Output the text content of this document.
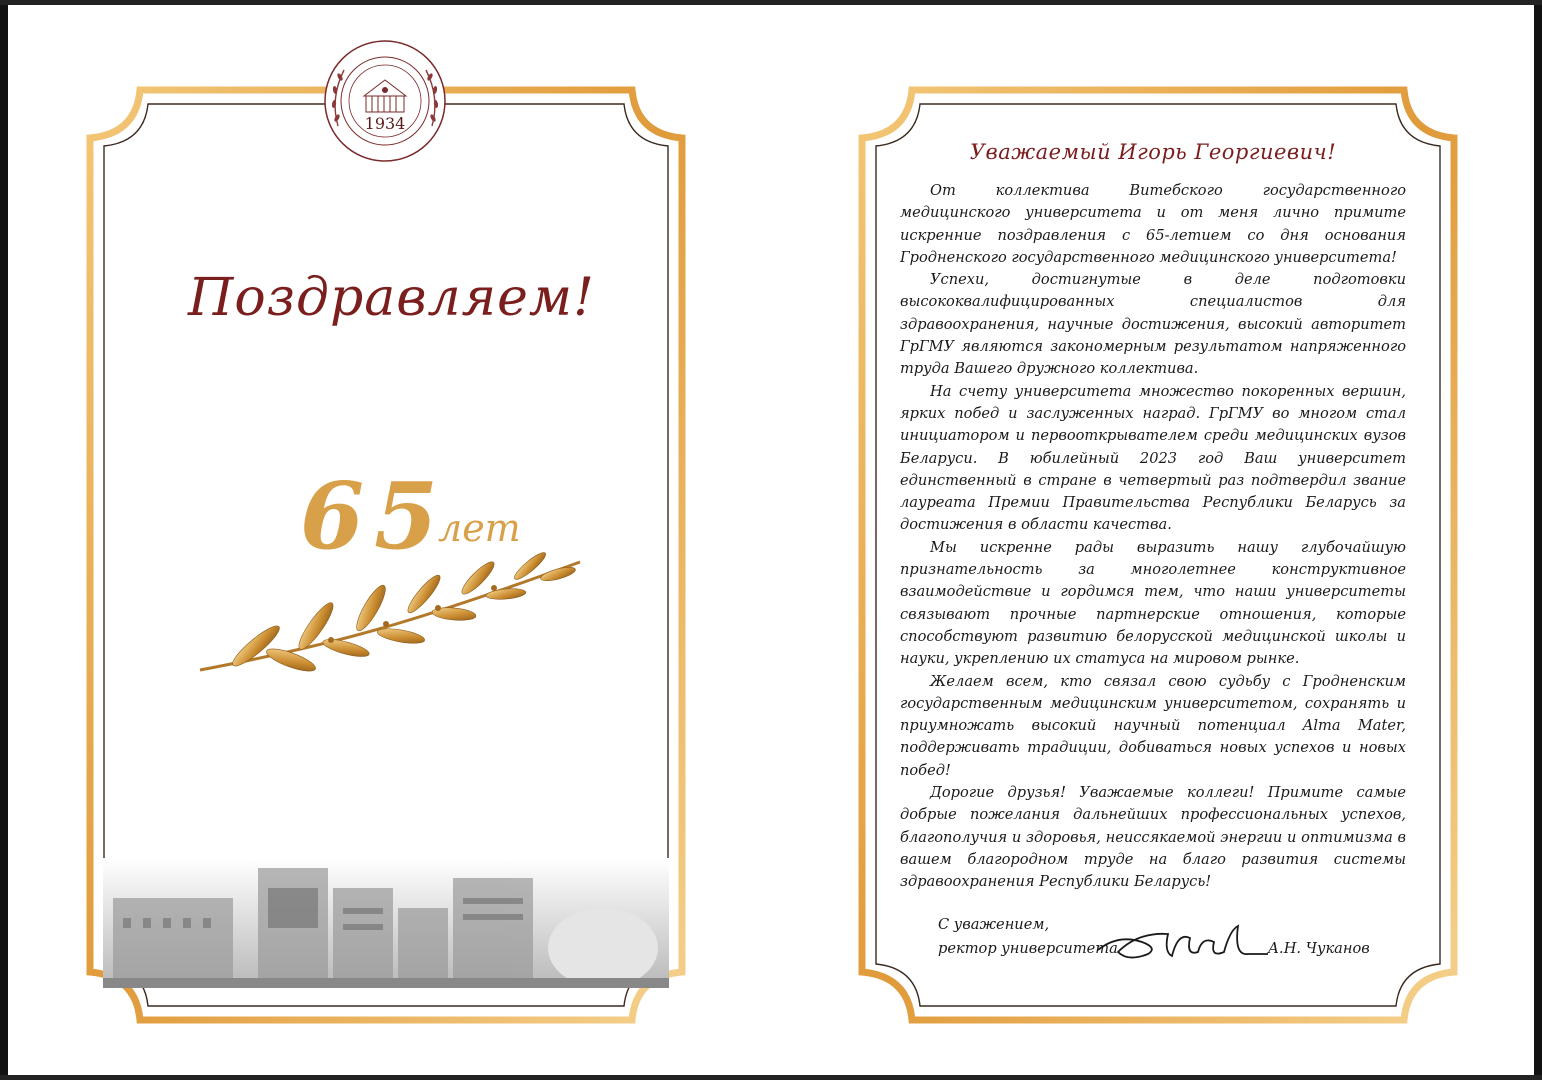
1934
Поздравляем!
65
лет
Уважаемый Игорь Георгиевич!

От коллектива Витебского государственного медицинского университета и от меня лично примите искренние поздравления с 65-летием со дня основания Гродненского государственного медицинского университета!

Успехи, достигнутые в деле подготовки высококвалифицированных специалистов для здравоохранения, научные достижения, высокий авторитет ГрГМУ являются закономерным результатом напряженного труда Вашего дружного коллектива.

На счету университета множество покоренных вершин, ярких побед и заслуженных наград. ГрГМУ во многом стал инициатором и первооткрывателем среди медицинских вузов Беларуси. В юбилейный 2023 год Ваш университет единственный в стране в четвертый раз подтвердил звание лауреата Премии Правительства Республики Беларусь за достижения в области качества.

Мы искренне рады выразить нашу глубочайшую признательность за многолетнее конструктивное взаимодействие и гордимся тем, что наши университеты связывают прочные партнерские отношения, которые способствуют развитию белорусской медицинской школы и науки, укреплению их статуса на мировом рынке.

Желаем всем, кто связал свою судьбу с Гродненским государственным медицинским университетом, сохранять и приумножать высокий научный потенциал Alma Mater, поддерживать традиции, добиваться новых успехов и новых побед!

Дорогие друзья! Уважаемые коллеги! Примите самые добрые пожелания дальнейших профессиональных успехов, благополучия и здоровья, неиссякаемой энергии и оптимизма в вашем благородном труде на благо развития системы здравоохранения Республики Беларусь!

С уважением,
ректор университета	А.Н. Чуканов
